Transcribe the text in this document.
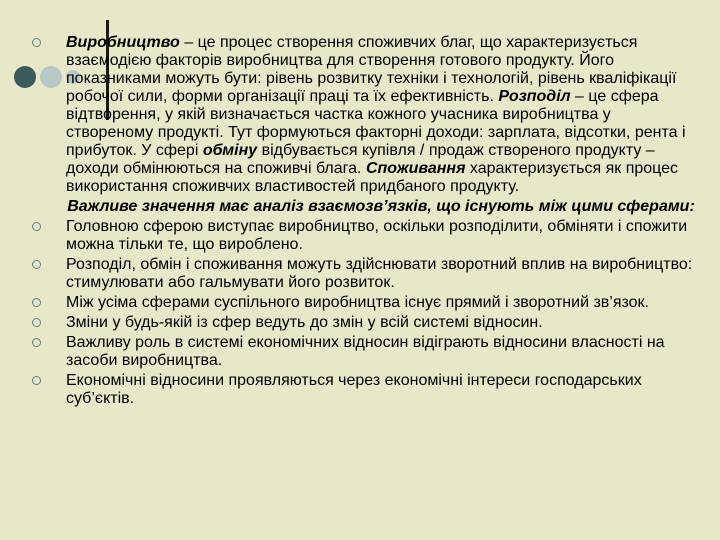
Виробництво – це процес створення споживчих благ, що характеризується взаємодією факторів виробництва для створення готового продукту. Його показниками можуть бути: рівень розвитку техніки і технологій, рівень кваліфікації робочої сили, форми організації праці та їх ефективність. Розподіл – це сфера відтворення, у якій визначається частка кожного учасника виробництва у створеному продукті. Тут формуються факторні доходи: зарплата, відсотки, рента і прибуток. У сфері обміну відбувається купівля / продаж створеного продукту – доходи обмінюються на споживчі блага. Споживання характеризується як процес використання споживчих властивостей придбаного продукту.
Важливе значення має аналіз взаємозв’язків, що існують між цими сферами:
Головною сферою виступає виробництво, оскільки розподілити, обміняти і спожити можна тільки те, що вироблено.
Розподіл, обмін і споживання можуть здійснювати зворотний вплив на виробництво: стимулювати або гальмувати його розвиток.
Між усіма сферами суспільного виробництва існує прямий і зворотний зв’язок.
Зміни у будь-якій із сфер ведуть до змін у всій системі відносин.
Важливу роль в системі економічних відносин відіграють відносини власності на засоби виробництва.
Економічні відносини проявляються через економічні інтереси господарських суб’єктів.
